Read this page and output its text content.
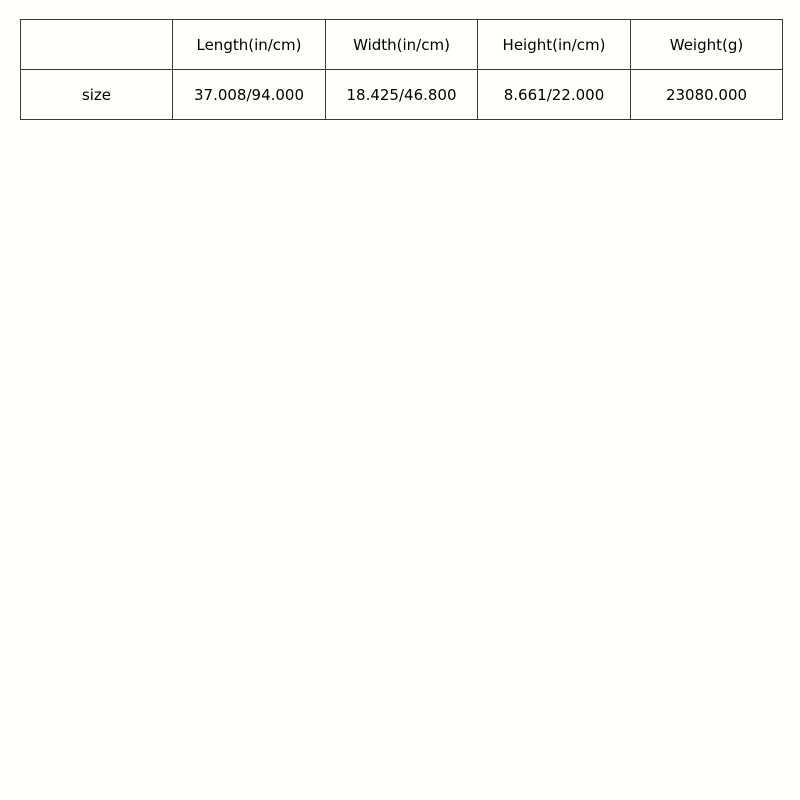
	Length(in/cm)	Width(in/cm)	Height(in/cm)	Weight(g)
size	37.008/94.000	18.425/46.800	8.661/22.000	23080.000
